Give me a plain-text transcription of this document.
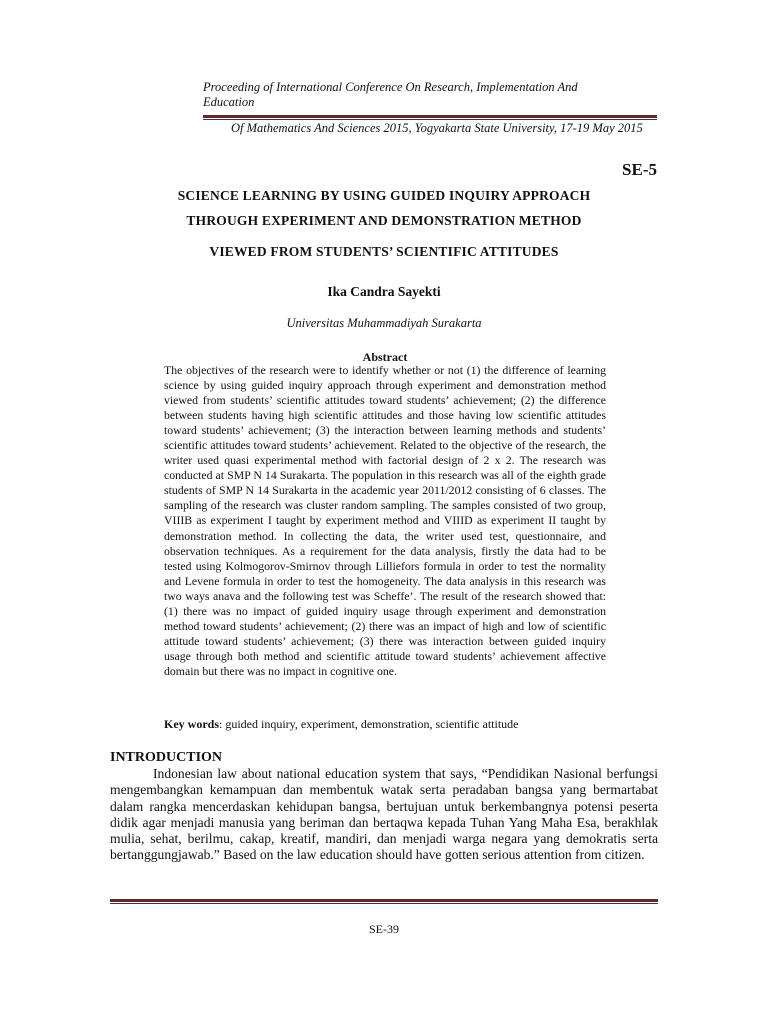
Proceeding of International Conference On Research, Implementation And Education
Of Mathematics And Sciences 2015, Yogyakarta State University, 17-19 May 2015
SE-5
SCIENCE LEARNING BY USING GUIDED INQUIRY APPROACH
THROUGH EXPERIMENT AND DEMONSTRATION METHOD
VIEWED FROM STUDENTS’ SCIENTIFIC ATTITUDES
Ika Candra Sayekti
Universitas Muhammadiyah Surakarta
Abstract
The objectives of the research were to identify whether or not (1) the difference of learning science by using guided inquiry approach through experiment and demonstration method viewed from students’ scientific attitudes toward students’ achievement; (2) the difference between students having high scientific attitudes and those having low scientific attitudes toward students’ achievement; (3) the interaction between learning methods and students’ scientific attitudes toward students’ achievement. Related to the objective of the research, the writer used quasi experimental method with factorial design of 2 x 2. The research was conducted at SMP N 14 Surakarta. The population in this research was all of the eighth grade students of SMP N 14 Surakarta in the academic year 2011/2012 consisting of 6 classes. The sampling of the research was cluster random sampling. The samples consisted of two group, VIIIB as experiment I taught by experiment method and VIIID as experiment II taught by demonstration method. In collecting the data, the writer used test, questionnaire, and observation techniques. As a requirement for the data analysis, firstly the data had to be tested using Kolmogorov-Smirnov through Lilliefors formula in order to test the normality and Levene formula in order to test the homogeneity. The data analysis in this research was two ways anava and the following test was Scheffe’. The result of the research showed that: (1) there was no impact of guided inquiry usage through experiment and demonstration method toward students’ achievement; (2) there was an impact of high and low of scientific attitude toward students’ achievement; (3) there was interaction between guided inquiry usage through both method and scientific attitude toward students’ achievement affective domain but there was no impact in cognitive one.
Key words: guided inquiry, experiment, demonstration, scientific attitude
INTRODUCTION
Indonesian law about national education system that says, “Pendidikan Nasional berfungsi mengembangkan kemampuan dan membentuk watak serta peradaban bangsa yang bermartabat dalam rangka mencerdaskan kehidupan bangsa, bertujuan untuk berkembangnya potensi peserta didik agar menjadi manusia yang beriman dan bertaqwa kepada Tuhan Yang Maha Esa, berakhlak mulia, sehat, berilmu, cakap, kreatif, mandiri, dan menjadi warga negara yang demokratis serta bertanggungjawab.” Based on the law education should have gotten serious attention from citizen.
SE-39
